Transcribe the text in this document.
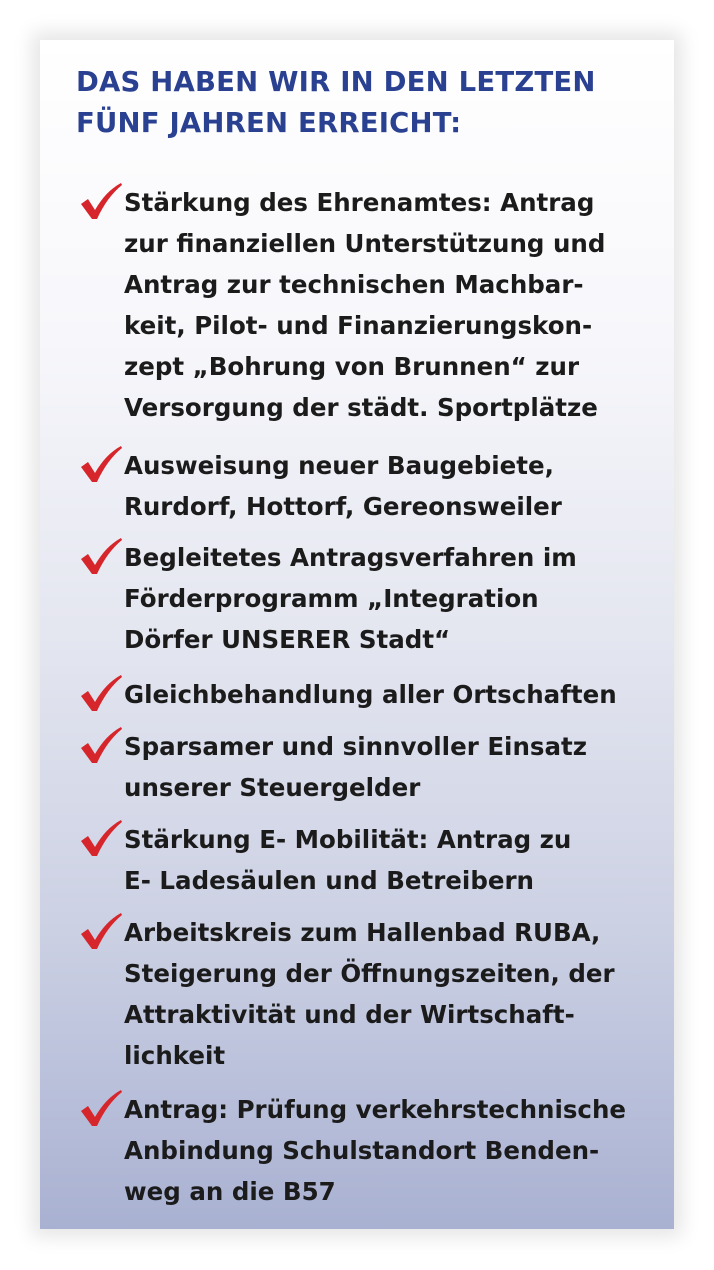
DAS HABEN WIR IN DEN LETZTEN
FÜNF JAHREN ERREICHT:
Stärkung des Ehrenamtes: Antrag
zur finanziellen Unterstützung und
Antrag zur technischen Machbar-
keit, Pilot- und Finanzierungskon-
zept „Bohrung von Brunnen“ zur
Versorgung der städt. Sportplätze
Ausweisung neuer Baugebiete,
Rurdorf, Hottorf, Gereonsweiler
Begleitetes Antragsverfahren im
Förderprogramm „Integration
Dörfer UNSERER Stadt“
Gleichbehandlung aller Ortschaften
Sparsamer und sinnvoller Einsatz
unserer Steuergelder
Stärkung E- Mobilität: Antrag zu
E- Ladesäulen und Betreibern
Arbeitskreis zum Hallenbad RUBA,
Steigerung der Öffnungszeiten, der
Attraktivität und der Wirtschaft-
lichkeit
Antrag: Prüfung verkehrstechnische
Anbindung Schulstandort Benden-
weg an die B57
